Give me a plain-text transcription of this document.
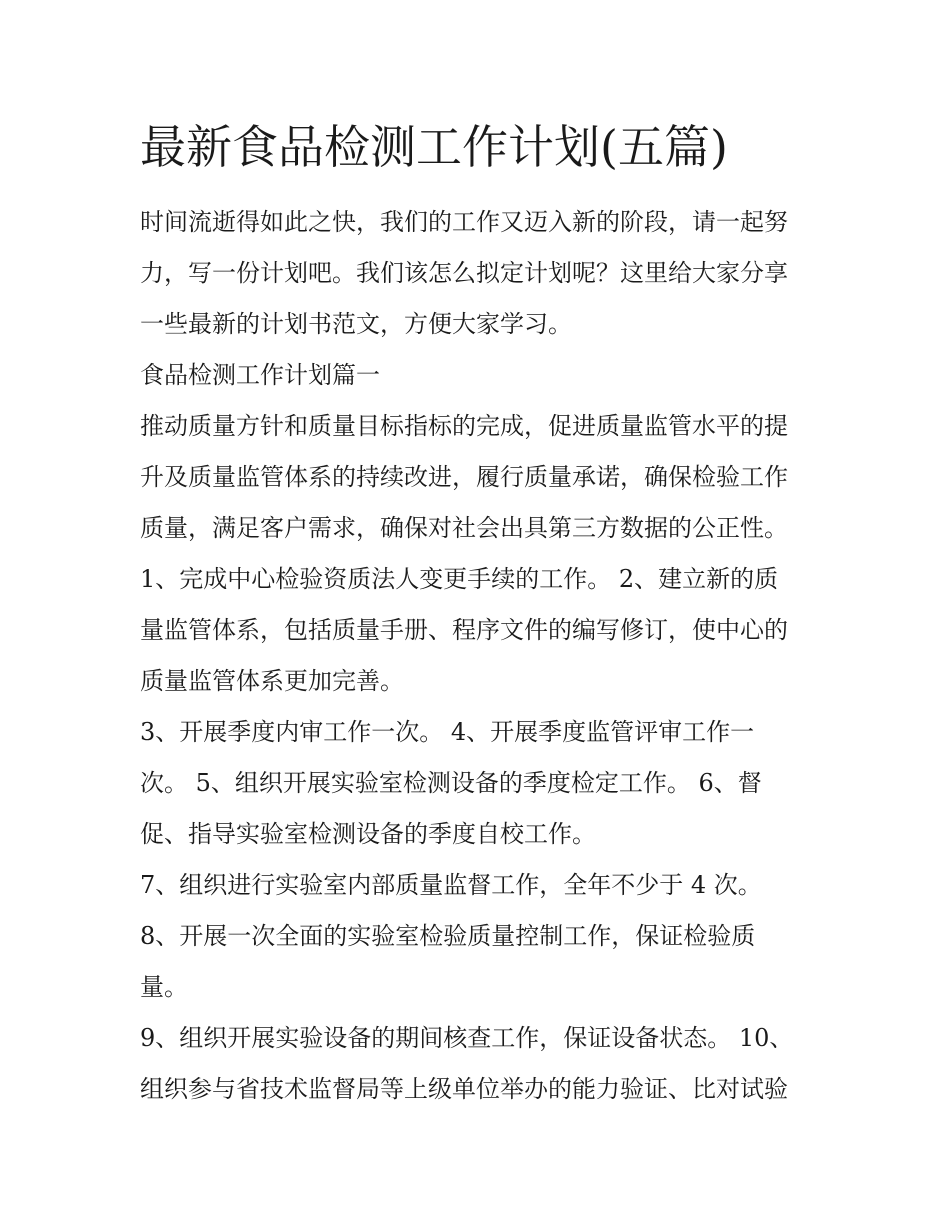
最新食品检测工作计划(五篇)

时间流逝得如此之快，我们的工作又迈入新的阶段，请一起努

力，写一份计划吧。我们该怎么拟定计划呢？这里给大家分享

一些最新的计划书范文，方便大家学习。

食品检测工作计划篇一

推动质量方针和质量目标指标的完成，促进质量监管水平的提

升及质量监管体系的持续改进，履行质量承诺，确保检验工作

质量，满足客户需求，确保对社会出具第三方数据的公正性。

1、完成中心检验资质法人变更手续的工作。 2、建立新的质

量监管体系，包括质量手册、程序文件的编写修订，使中心的

质量监管体系更加完善。

3、开展季度内审工作一次。 4、开展季度监管评审工作一

次。 5、组织开展实验室检测设备的季度检定工作。 6、督

促、指导实验室检测设备的季度自校工作。

7、组织进行实验室内部质量监督工作，全年不少于 4 次。

8、开展一次全面的实验室检验质量控制工作，保证检验质

量。

9、组织开展实验设备的期间核查工作，保证设备状态。 10、

组织参与省技术监督局等上级单位举办的能力验证、比对试验
